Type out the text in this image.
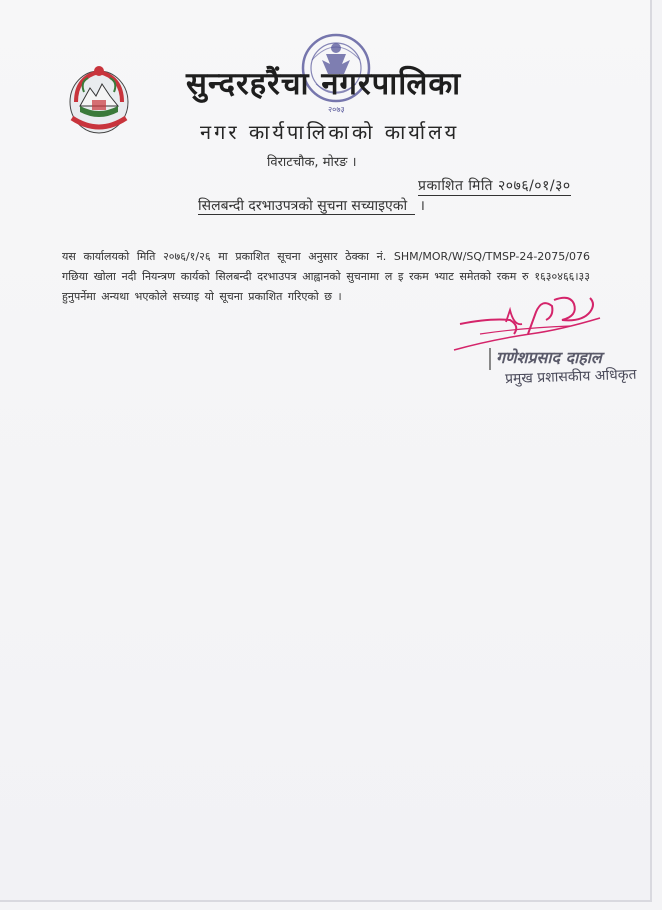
२०७३
सुन्दरहरैंचा नगरपालिका
नगर कार्यपालिकाको कार्यालय
विराटचौक, मोरङ ।
प्रकाशित मिति २०७६/०१/३०
सिलबन्दी दरभाउपत्रको सुचना सच्याइएको ।

यस कार्यालयको मिति २०७६/१/२६ मा प्रकाशित सूचना अनुसार ठेक्का नं. SHM/MOR/W/SQ/TMSP-24-2075/076 गछिया खोला नदी नियन्त्रण कार्यको सिलबन्दी दरभाउपत्र आह्वानको सुचनामा ल इ रकम भ्याट समेतको रकम रु १६३०४६६।३३ हुनुपर्नेमा अन्यथा भएकोले सच्याइ यो सूचना प्रकाशित गरिएको छ ।

गणेशप्रसाद दाहाल
प्रमुख प्रशासकीय अधिकृत
